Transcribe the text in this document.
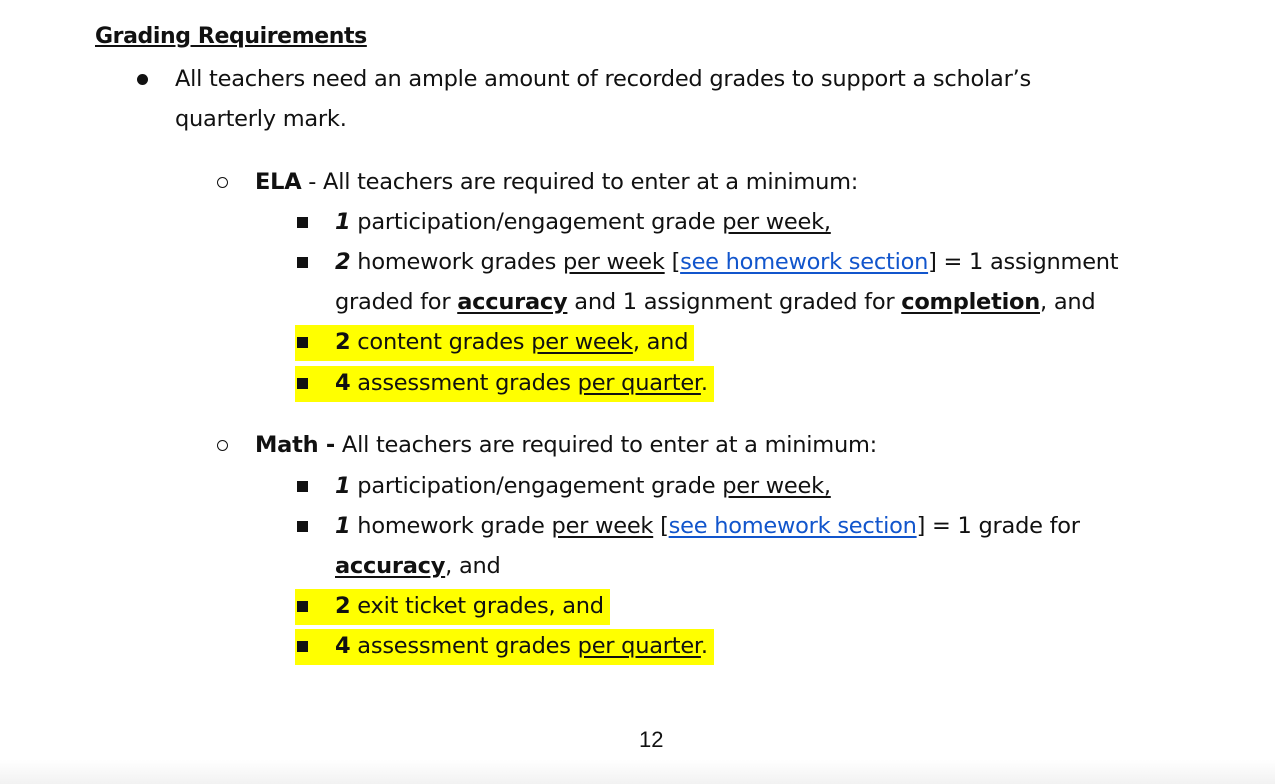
Grading Requirements
All teachers need an ample amount of recorded grades to support a scholar’s
quarterly mark.
ELA - All teachers are required to enter at a minimum:
1 participation/engagement grade per week,
2 homework grades per week [see homework section] = 1 assignment
graded for accuracy and 1 assignment graded for completion, and
2 content grades per week, and
4 assessment grades per quarter.
Math - All teachers are required to enter at a minimum:
1 participation/engagement grade per week,
1 homework grade per week [see homework section] = 1 grade for
accuracy, and
2 exit ticket grades, and
4 assessment grades per quarter.
12
